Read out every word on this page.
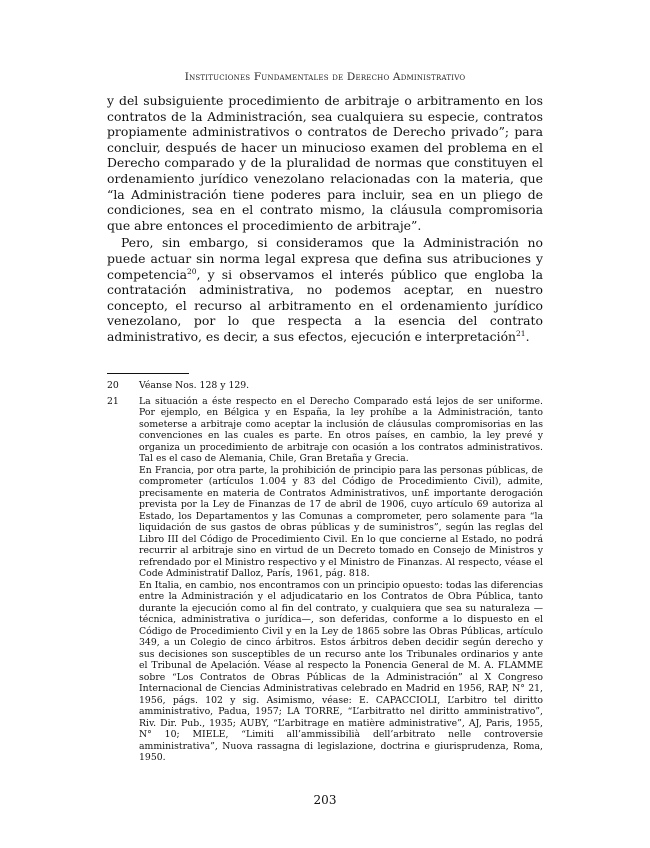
Instituciones Fundamentales de Derecho Administrativo

y del subsiguiente procedimiento de arbitraje o arbitramento en los contratos de la Administración, sea cualquiera su especie, contratos propiamente administrativos o contratos de Derecho privado”; para concluir, después de hacer un minucioso examen del problema en el Derecho comparado y de la pluralidad de normas que constituyen el ordenamiento jurídico venezolano relacionadas con la materia, que “la Administración tiene poderes para incluir, sea en un pliego de condiciones, sea en el contrato mismo, la cláusula compromisoria que abre entonces el procedimiento de arbitraje”.

Pero, sin embargo, si consideramos que la Administración no puede actuar sin norma legal expresa que defina sus atribuciones y competencia$^{20}$, y si observamos el interés público que engloba la contratación administrativa, no podemos aceptar, en nuestro concepto, el recurso al arbitramento en el ordenamiento jurídico venezolano, por lo que respecta a la esencia del contrato administrativo, es decir, a sus efectos, ejecución e interpretación$^{21}$.

20	Véanse Nos. 128 y 129.

21	La situación a éste respecto en el Derecho Comparado está lejos de ser uniforme. Por ejemplo, en Bélgica y en España, la ley prohíbe a la Administración, tanto someterse a arbitraje como aceptar la inclusión de cláusulas compromisorias en las convenciones en las cuales es parte. En otros países, en cambio, la ley prevé y organiza un procedimiento de arbitraje con ocasión a los contratos administrativos. Tal es el caso de Alemania, Chile, Gran Bretaña y Grecia.

En Francia, por otra parte, la prohibición de principio para las personas públicas, de comprometer (artículos 1.004 y 83 del Código de Procedimiento Civil), admite, precisamente en materia de Contratos Administrativos, un£ importante derogación prevista por la Ley de Finanzas de 17 de abril de 1906, cuyo artículo 69 autoriza al Estado, los Departamentos y las Comunas a comprometer, pero solamente para “la liquidación de sus gastos de obras públicas y de suministros”, según las reglas del Libro III del Código de Procedimiento Civil. En lo que concierne al Estado, no podrá recurrir al arbitraje sino en virtud de un Decreto tomado en Consejo de Ministros y refrendado por el Ministro respectivo y el Ministro de Finanzas. Al respecto, véase el Code Administratif Dalloz, París, 1961, pág. 818.

En Italia, en cambio, nos encontramos con un principio opuesto: todas las diferencias entre la Administración y el adjudicatario en los Contratos de Obra Pública, tanto durante la ejecución como al fin del contrato, y cualquiera que sea su naturaleza — técnica, administrativa o jurídica—, son deferidas, conforme a lo dispuesto en el Código de Procedimiento Civil y en la Ley de 1865 sobre las Obras Públicas, artículo 349, a un Colegio de cinco árbitros. Estos árbitros deben decidir según derecho y sus decisiones son susceptibles de un recurso ante los Tribunales ordinarios y ante el Tribunal de Apelación. Véase al respecto la Ponencia General de M. A. FLAMME sobre “Los Contratos de Obras Públicas de la Administración” al X Congreso Internacional de Ciencias Administrativas celebrado en Madrid en 1956, RAP, N° 21, 1956, págs. 102 y sig. Asimismo, véase: E. CAPACCIOLI, L’arbitro tel diritto amministrativo, Padua, 1957; LA TORRE, “L’arbitratto nel diritto amministrativo”, Riv. Dir. Pub., 1935; AUBY, “L’arbitrage en matière administrative”, AJ, Paris, 1955, N° 10; MIELE, “Limiti all’ammissibilià dell’arbitrato nelle controversie amministrativa”, Nuova rassagna di legislazione, doctrina e giurisprudenza, Roma, 1950.

203
